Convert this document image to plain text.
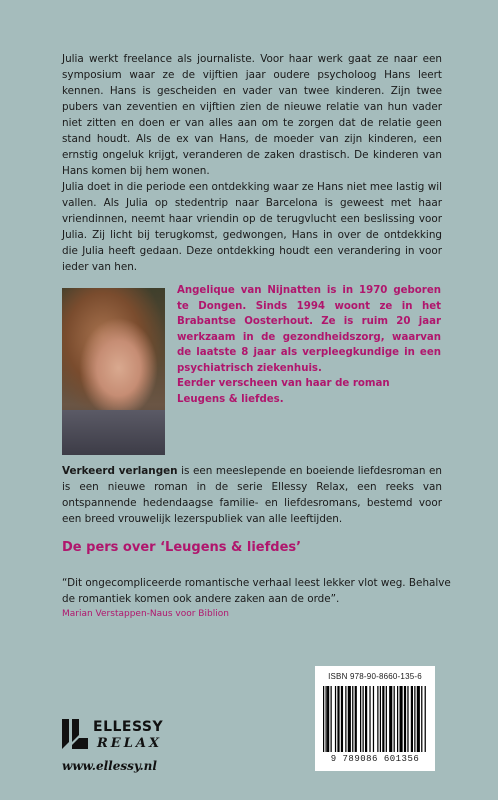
Julia werkt freelance als journaliste. Voor haar werk gaat ze naar een symposium waar ze de vijftien jaar oudere psycholoog Hans leert kennen. Hans is gescheiden en vader van twee kinderen. Zijn twee pubers van zeventien en vijftien zien de nieuwe relatie van hun vader niet zitten en doen er van alles aan om te zorgen dat de relatie geen stand houdt. Als de ex van Hans, de moeder van zijn kinderen, een ernstig ongeluk krijgt, veranderen de zaken drastisch. De kinderen van Hans komen bij hem wonen.

Julia doet in die periode een ontdekking waar ze Hans niet mee lastig wil vallen. Als Julia op stedentrip naar Barcelona is geweest met haar vriendinnen, neemt haar vriendin op de terugvlucht een beslissing voor Julia. Zij licht bij terugkomst, gedwongen, Hans in over de ontdekking die Julia heeft gedaan. Deze ontdekking houdt een verandering in voor ieder van hen.

Angelique van Nijnatten is in 1970 geboren te Dongen. Sinds 1994 woont ze in het Brabantse Oosterhout. Ze is ruim 20 jaar werkzaam in de gezondheidszorg, waarvan de laatste 8 jaar als verpleegkundige in een psychiatrisch ziekenhuis.

Eerder verscheen van haar de roman Leugens & liefdes.

Verkeerd verlangen is een meeslepende en boeiende liefdesroman en is een nieuwe roman in de serie Ellessy Relax, een reeks van ontspannende hedendaagse familie- en liefdesromans, bestemd voor een breed vrouwelijk lezerspubliek van alle leeftijden.
De pers over ‘Leugens & liefdes’
“Dit ongecompliceerde romantische verhaal leest lekker vlot weg. Behalve de romantiek komen ook andere zaken aan de orde”.
Marian Verstappen-Naus voor Biblion
ELLESSY
RELAX
www.ellessy.nl
ISBN 978-90-8660-135-6
9 789086 601356
